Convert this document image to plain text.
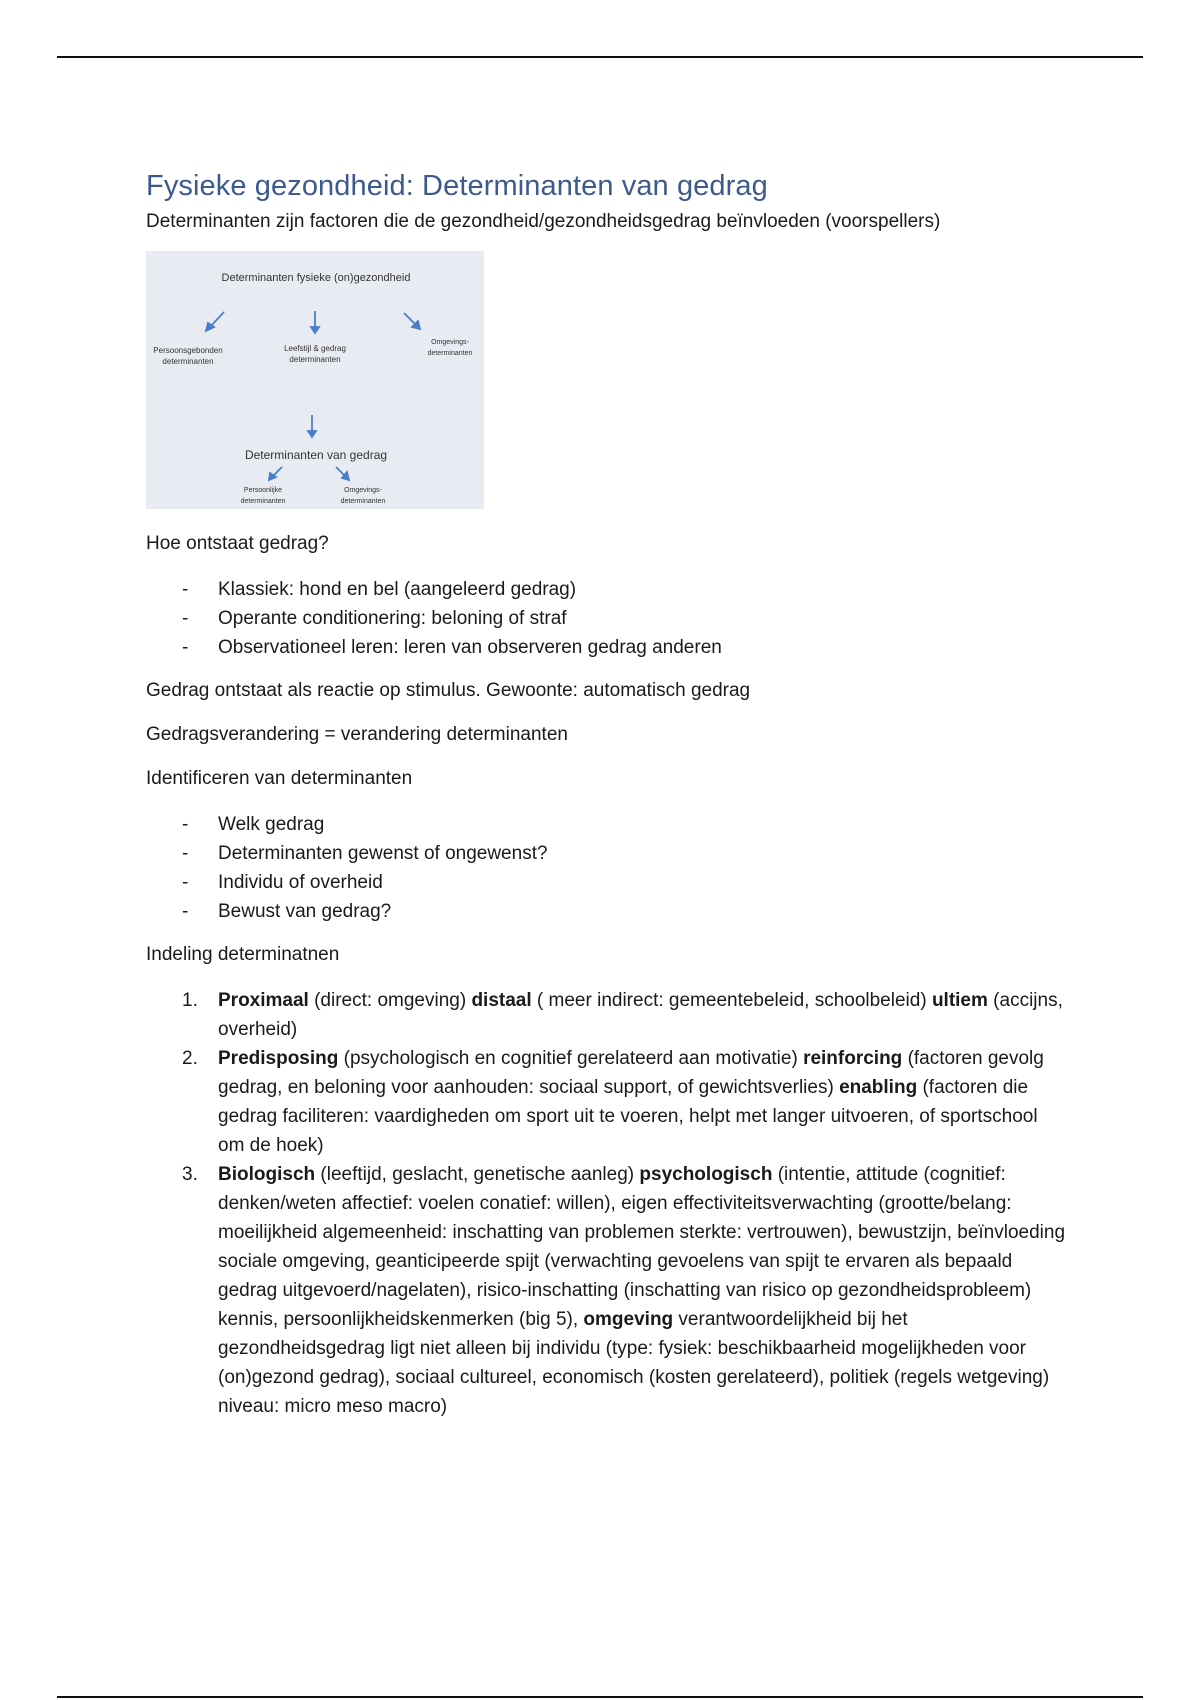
Fysieke gezondheid: Determinanten van gedrag

Determinanten zijn factoren die de gezondheid/gezondheidsgedrag beïnvloeden (voorspellers)

Determinanten fysieke (on)gezondheid
Persoonsgebonden determinanten
Leefstijl & gedrag determinanten
Omgevings- determinanten
Determinanten van gedrag
Persoonlijke determinanten
Omgevings- determinanten

Hoe ontstaat gedrag?

- Klassiek: hond en bel (aangeleerd gedrag)
- Operante conditionering: beloning of straf
- Observationeel leren: leren van observeren gedrag anderen

Gedrag ontstaat als reactie op stimulus. Gewoonte: automatisch gedrag

Gedragsverandering = verandering determinanten

Identificeren van determinanten

- Welk gedrag
- Determinanten gewenst of ongewenst?
- Individu of overheid
- Bewust van gedrag?

Indeling determinatnen

1. Proximaal (direct: omgeving) distaal ( meer indirect: gemeentebeleid, schoolbeleid) ultiem (accijns, overheid)
2. Predisposing (psychologisch en cognitief gerelateerd aan motivatie) reinforcing (factoren gevolg gedrag, en beloning voor aanhouden: sociaal support, of gewichtsverlies) enabling (factoren die gedrag faciliteren: vaardigheden om sport uit te voeren, helpt met langer uitvoeren, of sportschool om de hoek)
3. Biologisch (leeftijd, geslacht, genetische aanleg) psychologisch (intentie, attitude (cognitief: denken/weten affectief: voelen conatief: willen), eigen effectiviteitsverwachting (grootte/belang: moeilijkheid algemeenheid: inschatting van problemen sterkte: vertrouwen), bewustzijn, beïnvloeding sociale omgeving, geanticipeerde spijt (verwachting gevoelens van spijt te ervaren als bepaald gedrag uitgevoerd/nagelaten), risico-inschatting (inschatting van risico op gezondheidsprobleem) kennis, persoonlijkheidskenmerken (big 5), omgeving verantwoordelijkheid bij het gezondheidsgedrag ligt niet alleen bij individu (type: fysiek: beschikbaarheid mogelijkheden voor (on)gezond gedrag), sociaal cultureel, economisch (kosten gerelateerd), politiek (regels wetgeving) niveau: micro meso macro)
